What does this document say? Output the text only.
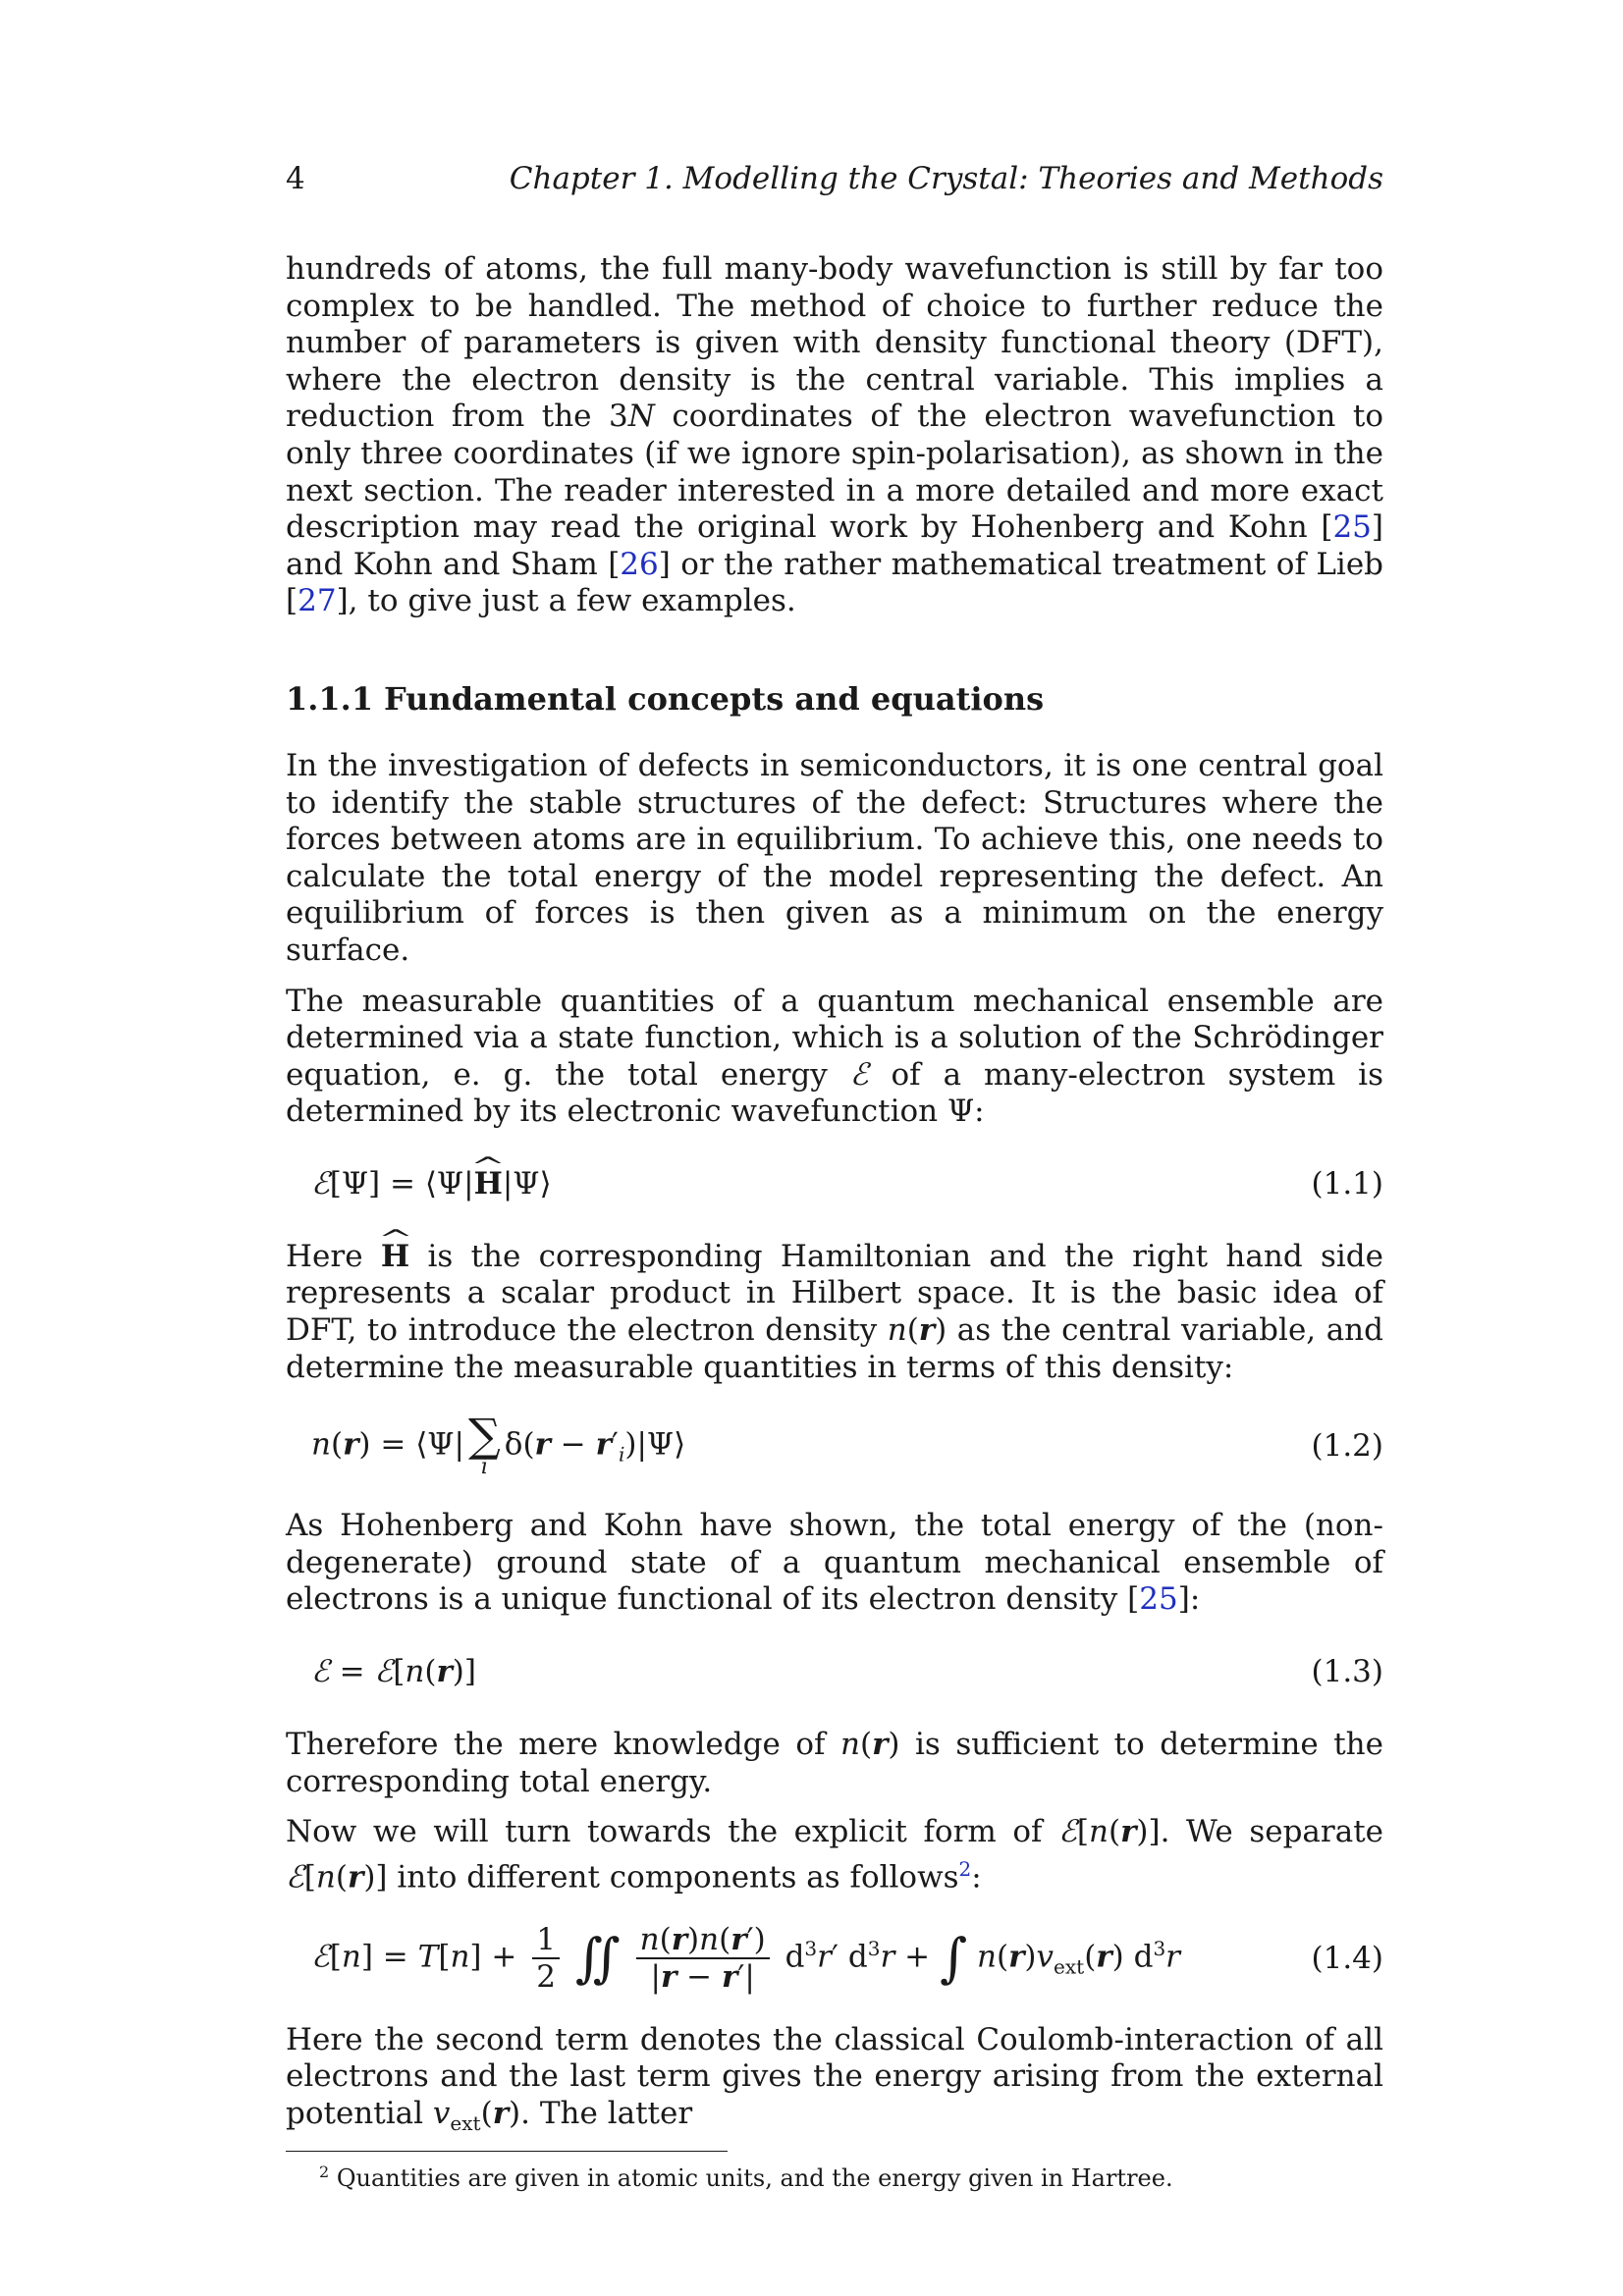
4	Chapter 1. Modelling the Crystal: Theories and Methods

hundreds of atoms, the full many-body wavefunction is still by far too complex to be handled. The method of choice to further reduce the number of parameters is given with density functional theory (DFT), where the electron density is the central variable. This implies a reduction from the 3N coordinates of the electron wavefunction to only three coordinates (if we ignore spin-polarisation), as shown in the next section. The reader interested in a more detailed and more exact description may read the original work by Hohenberg and Kohn [25] and Kohn and Sham [26] or the rather mathematical treatment of Lieb [27], to give just a few examples.

1.1.1 Fundamental concepts and equations

In the investigation of defects in semiconductors, it is one central goal to identify the stable structures of the defect: Structures where the forces between atoms are in equilibrium. To achieve this, one needs to calculate the total energy of the model representing the defect. An equilibrium of forces is then given as a minimum on the energy surface.

The measurable quantities of a quantum mechanical ensemble are determined via a state function, which is a solution of the Schrödinger equation, e. g. the total energy ℰ of a many-electron system is determined by its electronic wavefunction Ψ:

ℰ[Ψ] = ⟨Ψ|^ H|Ψ⟩	(1.1)

Here ^ H is the corresponding Hamiltonian and the right hand side represents a scalar product in Hilbert space. It is the basic idea of DFT, to introduce the electron density n(r) as the central variable, and determine the measurable quantities in terms of this density:

n(r) = ⟨Ψ| ∑
i
$\delta(r - r'_i)|\Psi⟩$	(1.2)

As Hohenberg and Kohn have shown, the total energy of the (non-degenerate) ground state of a quantum mechanical ensemble of electrons is a unique functional of its electron density [25]:

ℰ = ℰ[n(r)]	(1.3)

Therefore the mere knowledge of n(r) is sufficient to determine the corresponding total energy.

Now we will turn towards the explicit form of ℰ[n(r)]. We separate ℰ[n(r)] into different components as follows$^2$:

ℰ[n] = $T[n] + \frac{1}{2}$ ∬ $\frac{n(r)n(r')}{|r - r'|} d^3r'$ $d^3r$ + ∫ $n(r)v_{ext}(r)$ $d^3r$	(1.4)

Here the second term denotes the classical Coulomb-interaction of all electrons and the last term gives the energy arising from the external potential $v_{ext}(r)$. The latter

$^2$ Quantities are given in atomic units, and the energy given in Hartree.
